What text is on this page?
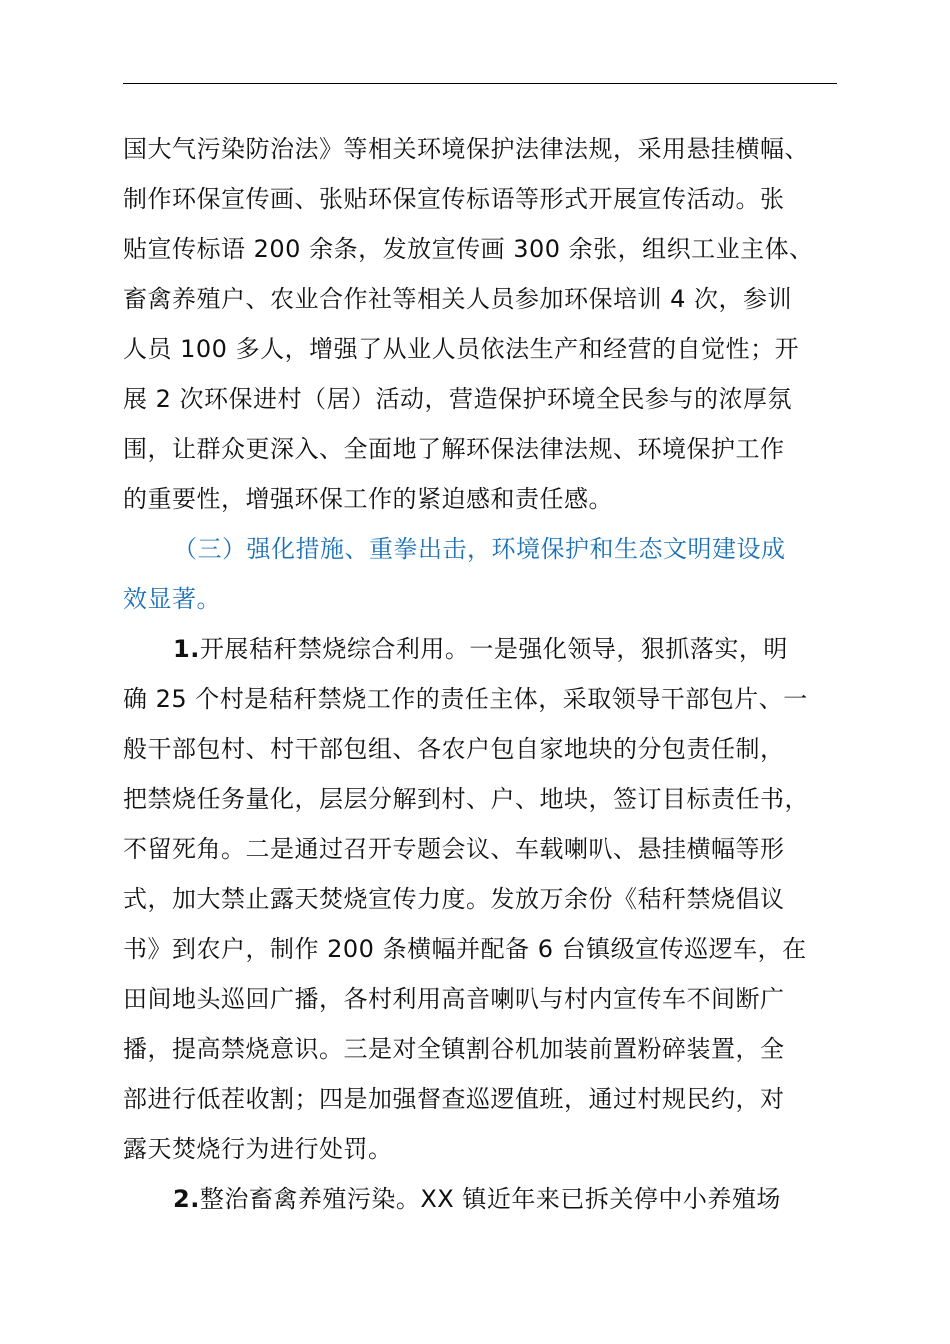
国大气污染防治法》等相关环境保护法律法规，采用悬挂横幅、
制作环保宣传画、张贴环保宣传标语等形式开展宣传活动。张
贴宣传标语 200 余条，发放宣传画 300 余张，组织工业主体、
畜禽养殖户、农业合作社等相关人员参加环保培训 4 次，参训
人员 100 多人，增强了从业人员依法生产和经营的自觉性；开
展 2 次环保进村（居）活动，营造保护环境全民参与的浓厚氛
围，让群众更深入、全面地了解环保法律法规、环境保护工作
的重要性，增强环保工作的紧迫感和责任感。
（三）强化措施、重拳出击，环境保护和生态文明建设成
效显著。
1.开展秸秆禁烧综合利用。一是强化领导，狠抓落实，明
确 25 个村是秸秆禁烧工作的责任主体，采取领导干部包片、一
般干部包村、村干部包组、各农户包自家地块的分包责任制，
把禁烧任务量化，层层分解到村、户、地块，签订目标责任书，
不留死角。二是通过召开专题会议、车载喇叭、悬挂横幅等形
式，加大禁止露天焚烧宣传力度。发放万余份《秸秆禁烧倡议
书》到农户，制作 200 条横幅并配备 6 台镇级宣传巡逻车，在
田间地头巡回广播，各村利用高音喇叭与村内宣传车不间断广
播，提高禁烧意识。三是对全镇割谷机加装前置粉碎装置，全
部进行低茬收割；四是加强督查巡逻值班，通过村规民约，对
露天焚烧行为进行处罚。
2.整治畜禽养殖污染。XX 镇近年来已拆关停中小养殖场
